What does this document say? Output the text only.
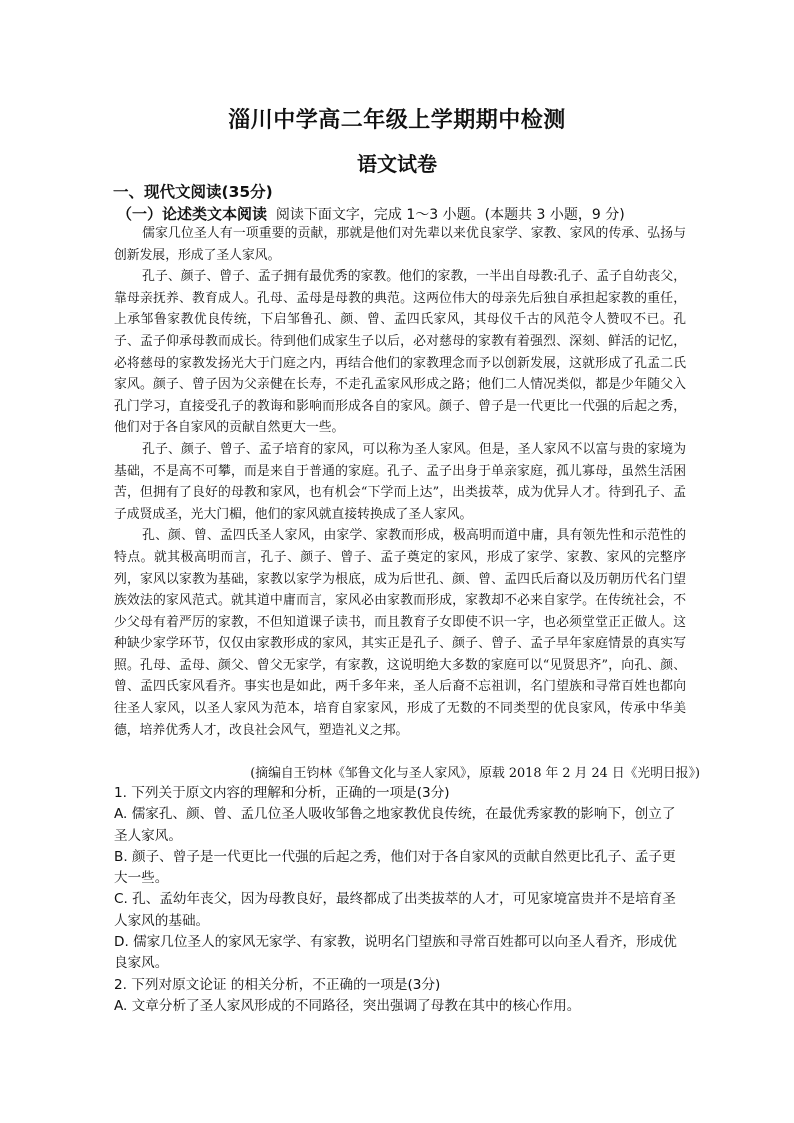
淄川中学高二年级上学期期中检测
语文试卷
一、现代文阅读(35分)
（一）论述类文本阅读 阅读下面文字，完成 1～3 小题。(本题共 3 小题，9 分)

儒家几位圣人有一项重要的贡献，那就是他们对先辈以来优良家学、家教、家风的传承、弘扬与创新发展，形成了圣人家风。

孔子、颜子、曾子、孟子拥有最优秀的家教。他们的家教，一半出自母教:孔子、孟子自幼丧父，靠母亲抚养、教育成人。孔母、孟母是母教的典范。这两位伟大的母亲先后独自承担起家教的重任，上承邹鲁家教优良传统，下启邹鲁孔、颜、曾、孟四氏家风，其母仪千古的风范令人赞叹不已。孔子、孟子仰承母教而成长。待到他们成家生子以后，必对慈母的家教有着强烈、深刻、鲜活的记忆，必将慈母的家教发扬光大于门庭之内，再结合他们的家教理念而予以创新发展，这就形成了孔孟二氏家风。颜子、曾子因为父亲健在长寿，不走孔孟家风形成之路；他们二人情况类似，都是少年随父入孔门学习，直接受孔子的教诲和影响而形成各自的家风。颜子、曾子是一代更比一代强的后起之秀，他们对于各自家风的贡献自然更大一些。

孔子、颜子、曾子、孟子培育的家风，可以称为圣人家风。但是，圣人家风不以富与贵的家境为基础，不是高不可攀，而是来自于普通的家庭。孔子、孟子出身于单亲家庭，孤儿寡母，虽然生活困苦，但拥有了良好的母教和家风，也有机会“下学而上达”，出类拔萃，成为优异人才。待到孔子、孟子成贤成圣，光大门楣，他们的家风就直接转换成了圣人家风。

孔、颜、曾、孟四氏圣人家风，由家学、家教而形成，极高明而道中庸，具有领先性和示范性的特点。就其极高明而言，孔子、颜子、曾子、孟子奠定的家风，形成了家学、家教、家风的完整序列，家风以家教为基础，家教以家学为根底，成为后世孔、颜、曾、孟四氏后裔以及历朝历代名门望族效法的家风范式。就其道中庸而言，家风必由家教而形成，家教却不必来自家学。在传统社会，不少父母有着严厉的家教，不但知道课子读书，而且教育子女即使不识一字，也必须堂堂正正做人。这种缺少家学环节，仅仅由家教形成的家风，其实正是孔子、颜子、曾子、孟子早年家庭情景的真实写照。孔母、孟母、颜父、曾父无家学，有家教，这说明绝大多数的家庭可以“见贤思齐”，向孔、颜、曾、孟四氏家风看齐。事实也是如此，两千多年来，圣人后裔不忘祖训，名门望族和寻常百姓也都向往圣人家风，以圣人家风为范本，培育自家家风，形成了无数的不同类型的优良家风，传承中华美德，培养优秀人才，改良社会风气，塑造礼义之邦。

(摘编自王钧林《邹鲁文化与圣人家风》，原载 2018 年 2 月 24 日《光明日报》)
1. 下列关于原文内容的理解和分析，正确的一项是(3分)
A. 儒家孔、颜、曾、孟几位圣人吸收邹鲁之地家教优良传统，在最优秀家教的影响下，创立了圣人家风。
B. 颜子、曾子是一代更比一代强的后起之秀，他们对于各自家风的贡献自然更比孔子、孟子更大一些。
C. 孔、孟幼年丧父，因为母教良好，最终都成了出类拔萃的人才，可见家境富贵并不是培育圣人家风的基础。
D. 儒家几位圣人的家风无家学、有家教，说明名门望族和寻常百姓都可以向圣人看齐，形成优良家风。
2. 下列对原文论证 的相关分析，不正确的一项是(3分)
A. 文章分析了圣人家风形成的不同路径，突出强调了母教在其中的核心作用。
